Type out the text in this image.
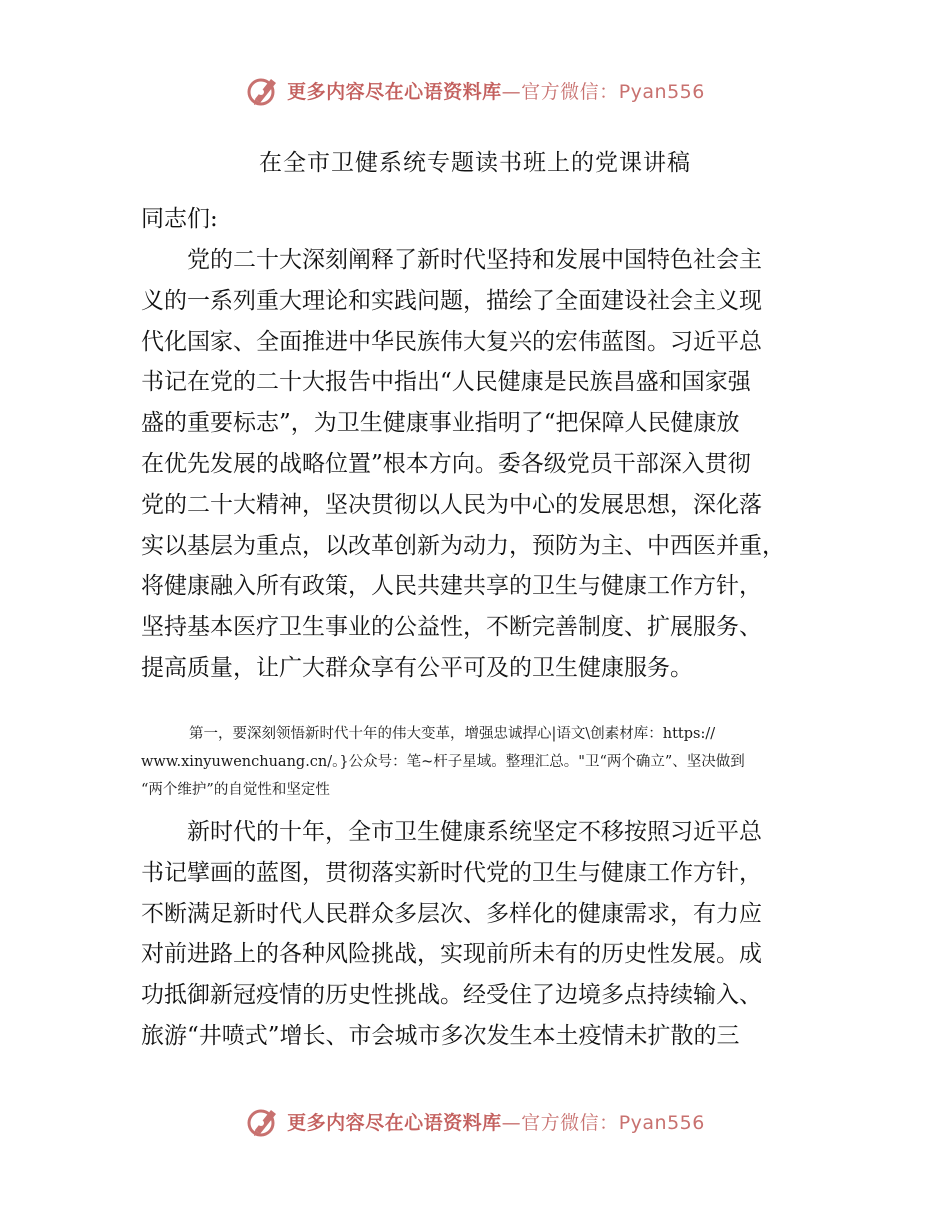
更多内容尽在心语资料库—官方微信：Pyan556
在全市卫健系统专题读书班上的党课讲稿
同志们:

党的二十大深刻阐释了新时代坚持和发展中国特色社会主
义的一系列重大理论和实践问题，描绘了全面建设社会主义现
代化国家、全面推进中华民族伟大复兴的宏伟蓝图。习近平总
书记在党的二十大报告中指出“人民健康是民族昌盛和国家强
盛的重要标志”，为卫生健康事业指明了“把保障人民健康放
在优先发展的战略位置”根本方向。委各级党员干部深入贯彻
党的二十大精神，坚决贯彻以人民为中心的发展思想，深化落
实以基层为重点，以改革创新为动力，预防为主、中西医并重，
将健康融入所有政策，人民共建共享的卫生与健康工作方针，
坚持基本医疗卫生事业的公益性，不断完善制度、扩展服务、
提高质量，让广大群众享有公平可及的卫生健康服务。

第一，要深刻领悟新时代十年的伟大变革，增强忠诚捍心|语文\创素材库：https://
www.xinyuwenchuang.cn/。}公众号：笔~杆子星域。整理汇总。"卫“两个确立”、坚决做到
“两个维护”的自觉性和坚定性

新时代的十年，全市卫生健康系统坚定不移按照习近平总
书记擘画的蓝图，贯彻落实新时代党的卫生与健康工作方针，
不断满足新时代人民群众多层次、多样化的健康需求，有力应
对前进路上的各种风险挑战，实现前所未有的历史性发展。成
功抵御新冠疫情的历史性挑战。经受住了边境多点持续输入、
旅游“井喷式”增长、市会城市多次发生本土疫情未扩散的三

更多内容尽在心语资料库—官方微信：Pyan556
